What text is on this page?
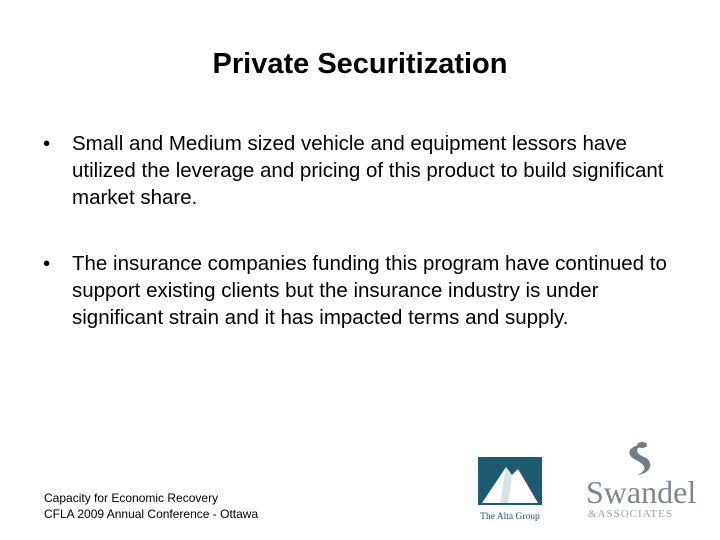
Private Securitization
• Small and Medium sized vehicle and equipment lessors have utilized the leverage and pricing of this product to build significant market share.
• The insurance companies funding this program have continued to support existing clients but the insurance industry is under significant strain and it has impacted terms and supply.
Capacity for Economic Recovery
CFLA 2009 Annual Conference - Ottawa	The Alta Group
Swandel
&ASSOCIATES
